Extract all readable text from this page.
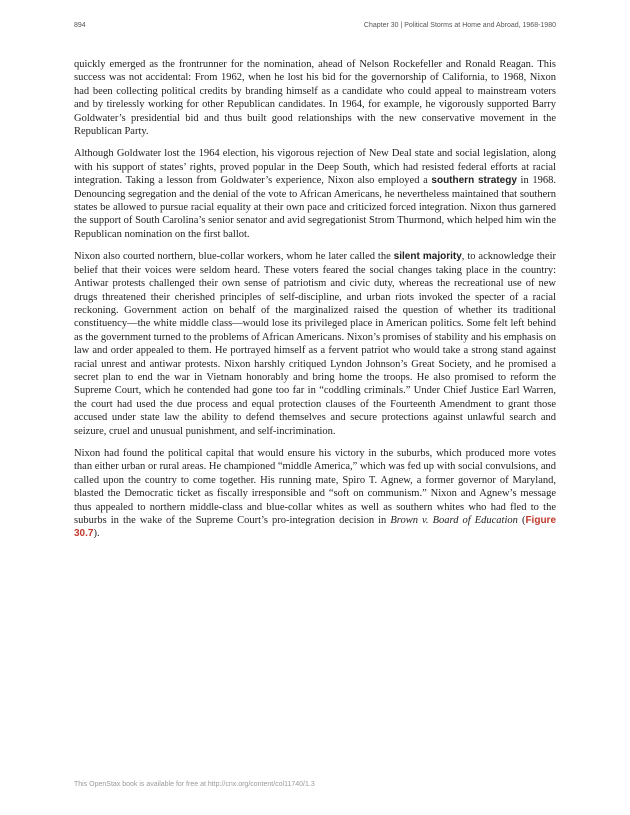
894	Chapter 30 | Political Storms at Home and Abroad, 1968-1980

quickly emerged as the frontrunner for the nomination, ahead of Nelson Rockefeller and Ronald Reagan. This success was not accidental: From 1962, when he lost his bid for the governorship of California, to 1968, Nixon had been collecting political credits by branding himself as a candidate who could appeal to mainstream voters and by tirelessly working for other Republican candidates. In 1964, for example, he vigorously supported Barry Goldwater’s presidential bid and thus built good relationships with the new conservative movement in the Republican Party.

Although Goldwater lost the 1964 election, his vigorous rejection of New Deal state and social legislation, along with his support of states’ rights, proved popular in the Deep South, which had resisted federal efforts at racial integration. Taking a lesson from Goldwater’s experience, Nixon also employed a southern strategy in 1968. Denouncing segregation and the denial of the vote to African Americans, he nevertheless maintained that southern states be allowed to pursue racial equality at their own pace and criticized forced integration. Nixon thus garnered the support of South Carolina’s senior senator and avid segregationist Strom Thurmond, which helped him win the Republican nomination on the first ballot.

Nixon also courted northern, blue-collar workers, whom he later called the silent majority, to acknowledge their belief that their voices were seldom heard. These voters feared the social changes taking place in the country: Antiwar protests challenged their own sense of patriotism and civic duty, whereas the recreational use of new drugs threatened their cherished principles of self-discipline, and urban riots invoked the specter of a racial reckoning. Government action on behalf of the marginalized raised the question of whether its traditional constituency—the white middle class—would lose its privileged place in American politics. Some felt left behind as the government turned to the problems of African Americans. Nixon’s promises of stability and his emphasis on law and order appealed to them. He portrayed himself as a fervent patriot who would take a strong stand against racial unrest and antiwar protests. Nixon harshly critiqued Lyndon Johnson’s Great Society, and he promised a secret plan to end the war in Vietnam honorably and bring home the troops. He also promised to reform the Supreme Court, which he contended had gone too far in “coddling criminals.” Under Chief Justice Earl Warren, the court had used the due process and equal protection clauses of the Fourteenth Amendment to grant those accused under state law the ability to defend themselves and secure protections against unlawful search and seizure, cruel and unusual punishment, and self-incrimination.

Nixon had found the political capital that would ensure his victory in the suburbs, which produced more votes than either urban or rural areas. He championed “middle America,” which was fed up with social convulsions, and called upon the country to come together. His running mate, Spiro T. Agnew, a former governor of Maryland, blasted the Democratic ticket as fiscally irresponsible and “soft on communism.” Nixon and Agnew’s message thus appealed to northern middle-class and blue-collar whites as well as southern whites who had fled to the suburbs in the wake of the Supreme Court’s pro-integration decision in Brown v. Board of Education (Figure 30.7).

This OpenStax book is available for free at http://cnx.org/content/col11740/1.3
